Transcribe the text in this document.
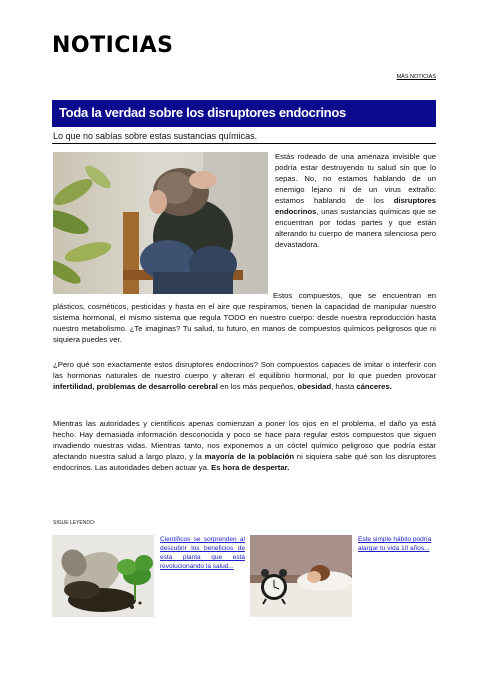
NOTICIAS
MÁS NOTICIAS
Toda la verdad sobre los disruptores endocrinos
Lo que no sabías sobre estas sustancias químicas.
Estás rodeado de una amenaza invisible que podría estar destruyendo tu salud sin que lo sepas. No, no estamos hablando de un enemigo lejano ni de un virus extraño: estamos hablando de los disruptores endocrinos, unas sustancias químicas que se encuentran por todas partes y que están alterando tu cuerpo de manera silenciosa pero devastadora.
Estos compuestos, que se encuentran en plásticos, cosméticos, pesticidas y hasta en el aire que respiramos, tienen la capacidad de manipular nuestro sistema hormonal, el mismo sistema que regula TODO en nuestro cuerpo: desde nuestra reproducción hasta nuestro metabolismo. ¿Te imaginas? Tu salud, tu futuro, en manos de compuestos químicos peligrosos que ni siquiera puedes ver.
¿Pero qué son exactamente estos disruptores endocrinos? Son compuestos capaces de imitar o interferir con las hormonas naturales de nuestro cuerpo y alteran el equilibrio hormonal, por lo que pueden provocar infertilidad, problemas de desarrollo cerebral en los más pequeños, obesidad, hasta cánceres.
Mientras las autoridades y científicos apenas comienzan a poner los ojos en el problema, el daño ya está hecho. Hay demasiada información desconocida y poco se hace para regular estos compuestos que siguen invadiendo nuestras vidas. Mientras tanto, nos exponemos a un cóctel químico peligroso que podría estar afectando nuestra salud a largo plazo, y la mayoría de la población ni siquiera sabe qué son los disruptores endocrinos. Las autoridades deben actuar ya. Es hora de despertar.
SIGUE LEYENDO:
Científicos se sorprenden al descubrir los beneficios de esta planta que está revolucionando la salud...
Este simple hábito podría alargar tu vida 10 años...
